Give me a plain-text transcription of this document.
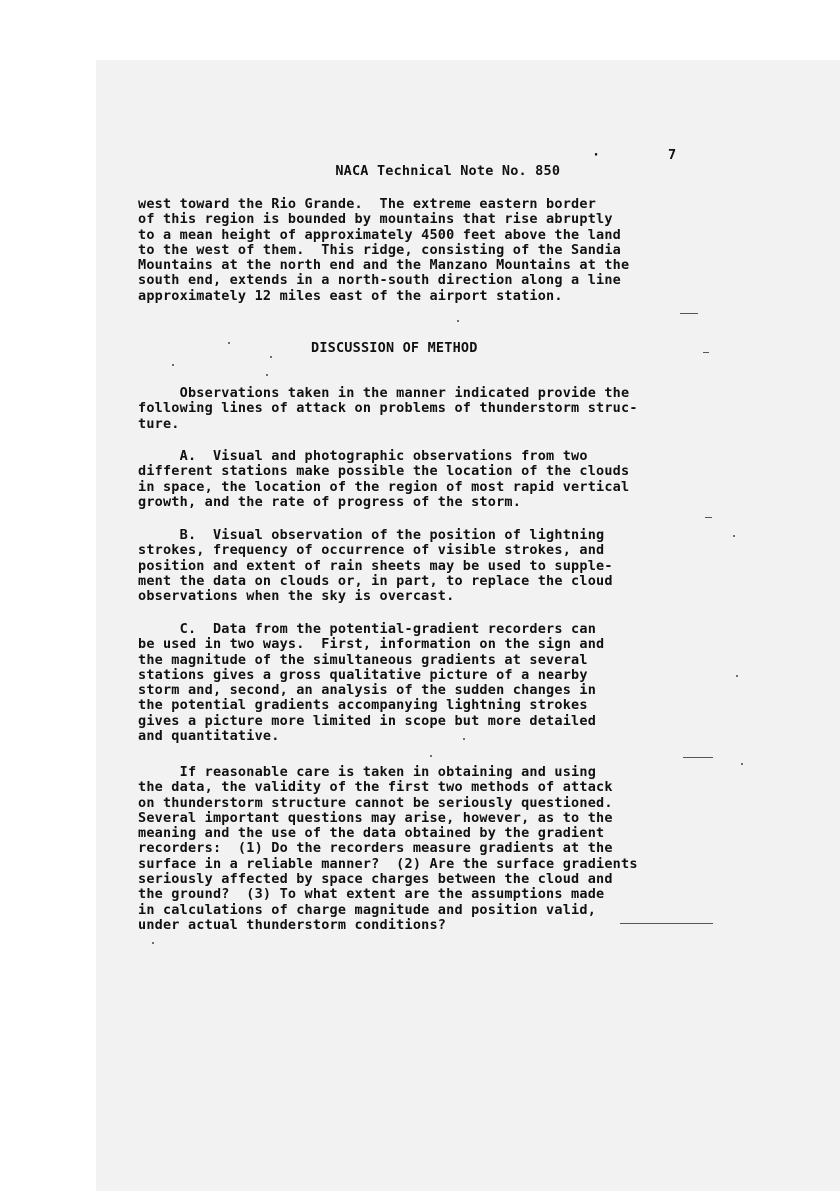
NACA Technical Note No. 850

·

	7

west toward the Rio Grande.  The extreme eastern border
of this region is bounded by mountains that rise abruptly
to a mean height of approximately 4500 feet above the land
to the west of them.  This ridge, consisting of the Sandia
Mountains at the north end and the Manzano Mountains at the
south end, extends in a north-south direction along a line
approximately 12 miles east of the airport station.
DISCUSSION OF METHOD
Observations taken in the manner indicated provide the
following lines of attack on problems of thunderstorm struc-
ture.
A.  Visual and photographic observations from two
different stations make possible the location of the clouds
in space, the location of the region of most rapid vertical
growth, and the rate of progress of the storm.
B.  Visual observation of the position of lightning
strokes, frequency of occurrence of visible strokes, and
position and extent of rain sheets may be used to supple-
ment the data on clouds or, in part, to replace the cloud
observations when the sky is overcast.
C.  Data from the potential-gradient recorders can
be used in two ways.  First, information on the sign and
the magnitude of the simultaneous gradients at several
stations gives a gross qualitative picture of a nearby
storm and, second, an analysis of the sudden changes in
the potential gradients accompanying lightning strokes
gives a picture more limited in scope but more detailed
and quantitative.
If reasonable care is taken in obtaining and using
the data, the validity of the first two methods of attack
on thunderstorm structure cannot be seriously questioned.
Several important questions may arise, however, as to the
meaning and the use of the data obtained by the gradient
recorders:  (1) Do the recorders measure gradients at the
surface in a reliable manner?  (2) Are the surface gradients
seriously affected by space charges between the cloud and
the ground?  (3) To what extent are the assumptions made
in calculations of charge magnitude and position valid,
under actual thunderstorm conditions?
